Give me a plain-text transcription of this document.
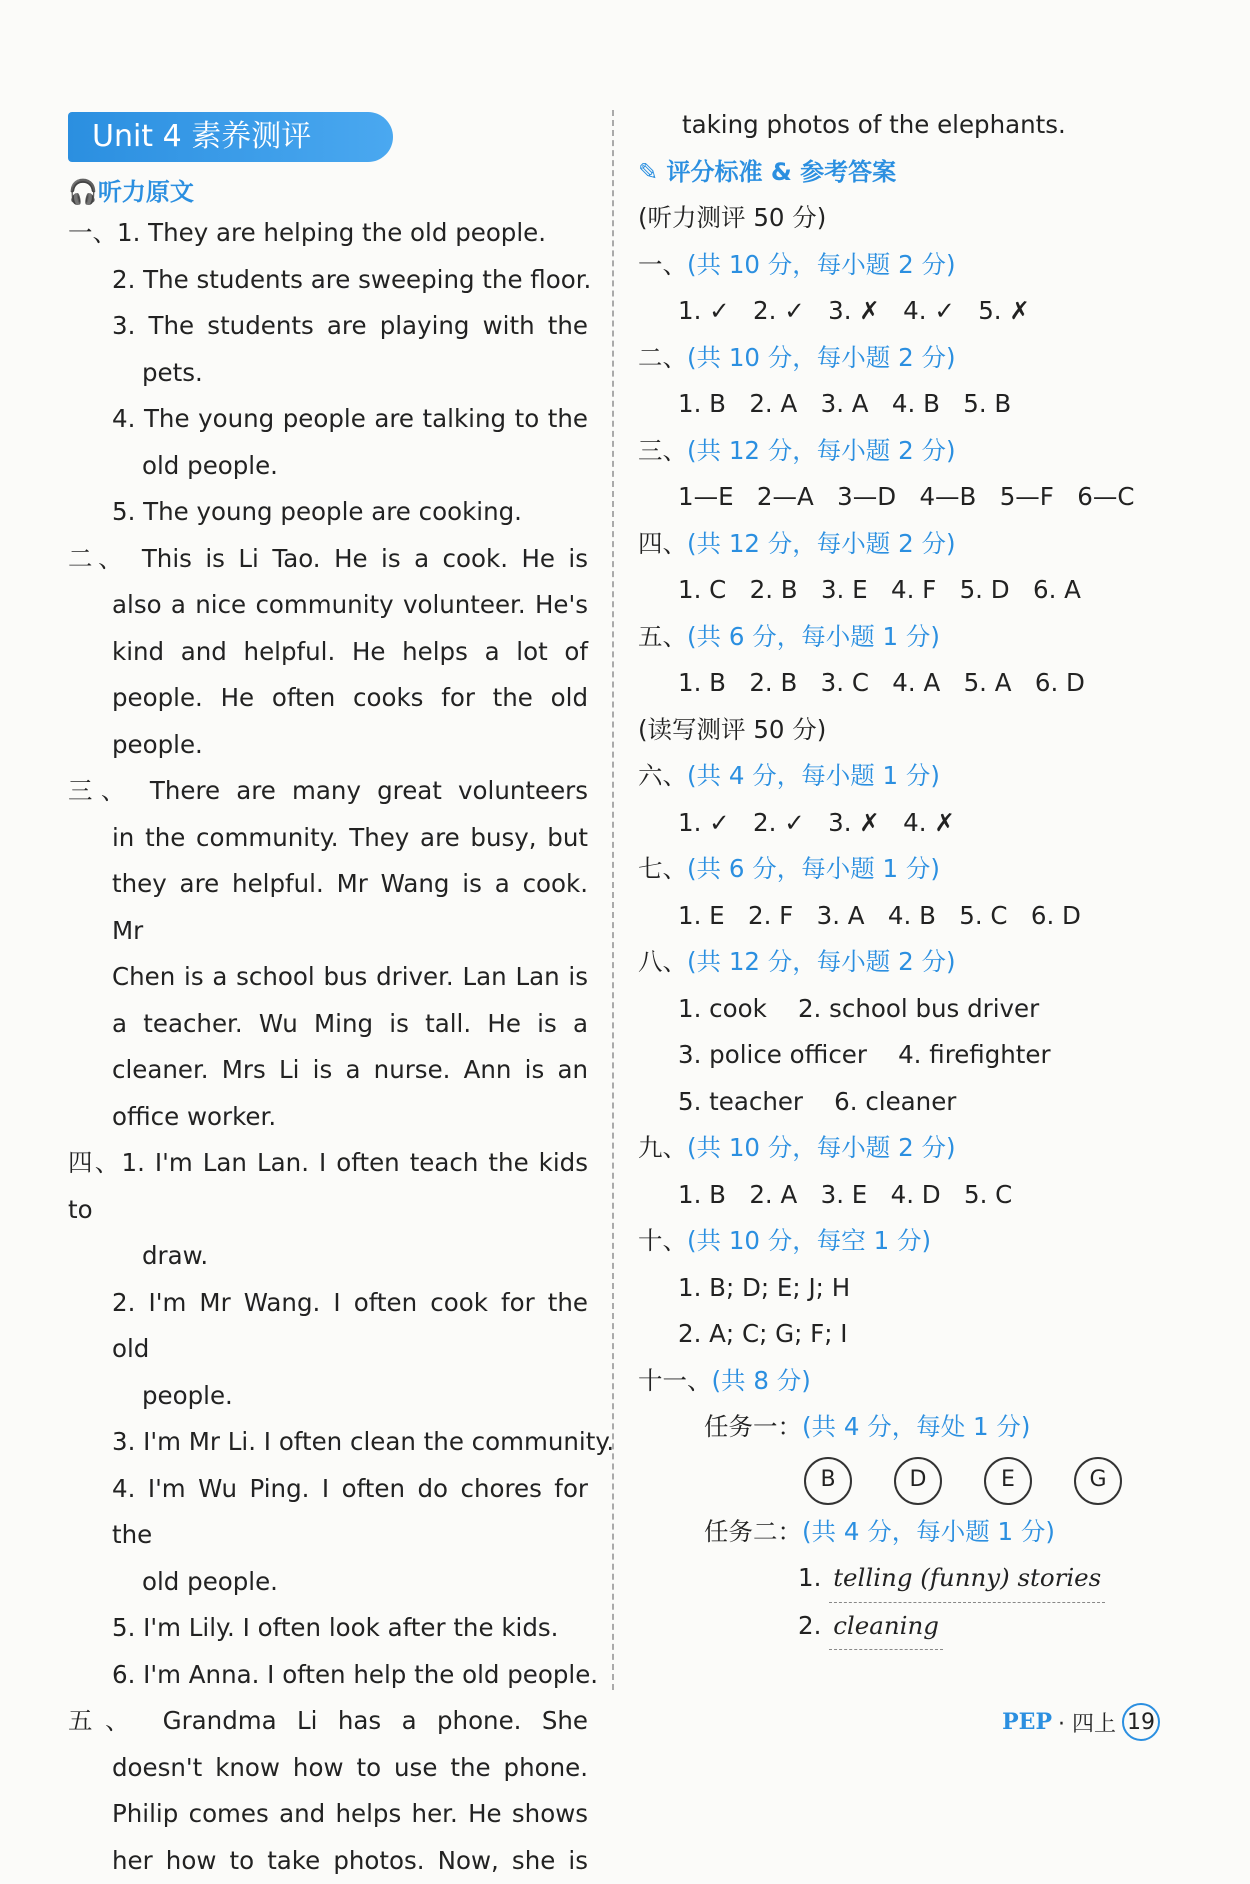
Unit 4 素养测评
🎧听力原文
一、1. They are helping the old people.
2. The students are sweeping the floor.
3. The students are playing with the
pets.
4. The young people are talking to the
old people.
5. The young people are cooking.
二、 This is Li Tao. He is a cook. He is
also a nice community volunteer. He's
kind and helpful. He helps a lot of
people. He often cooks for the old
people.
三、 There are many great volunteers
in the community. They are busy, but
they are helpful. Mr Wang is a cook. Mr
Chen is a school bus driver. Lan Lan is
a teacher. Wu Ming is tall. He is a
cleaner. Mrs Li is a nurse. Ann is an
office worker.
四、1. I'm Lan Lan. I often teach the kids to
draw.
2. I'm Mr Wang. I often cook for the old
people.
3. I'm Mr Li. I often clean the community.
4. I'm Wu Ping. I often do chores for the
old people.
5. I'm Lily. I often look after the kids.
6. I'm Anna. I often help the old people.
五、 Grandma Li has a phone. She
doesn't know how to use the phone.
Philip comes and helps her. He shows
her how to take photos. Now, she is
taking photos of the elephants.
✎ 评分标准 & 参考答案
(听力测评 50 分)
一、(共 10 分，每小题 2 分)
1. ✓   2. ✓   3. ✗   4. ✓   5. ✗
二、(共 10 分，每小题 2 分)
1. B   2. A   3. A   4. B   5. B
三、(共 12 分，每小题 2 分)
1—E   2—A   3—D   4—B   5—F   6—C
四、(共 12 分，每小题 2 分)
1. C   2. B   3. E   4. F   5. D   6. A
五、(共 6 分，每小题 1 分)
1. B   2. B   3. C   4. A   5. A   6. D
(读写测评 50 分)
六、(共 4 分，每小题 1 分)
1. ✓   2. ✓   3. ✗   4. ✗
七、(共 6 分，每小题 1 分)
1. E   2. F   3. A   4. B   5. C   6. D
八、(共 12 分，每小题 2 分)
1. cook    2. school bus driver
3. police officer    4. firefighter
5. teacher    6. cleaner
九、(共 10 分，每小题 2 分)
1. B   2. A   3. E   4. D   5. C
十、(共 10 分，每空 1 分)
1. B; D; E; J; H
2. A; C; G; F; I
十一、(共 8 分)
任务一：(共 4 分，每处 1 分)
B	D	E	G
任务二：(共 4 分，每小题 1 分)
1. telling (funny) stories
2. cleaning
PEP · 四上 19
